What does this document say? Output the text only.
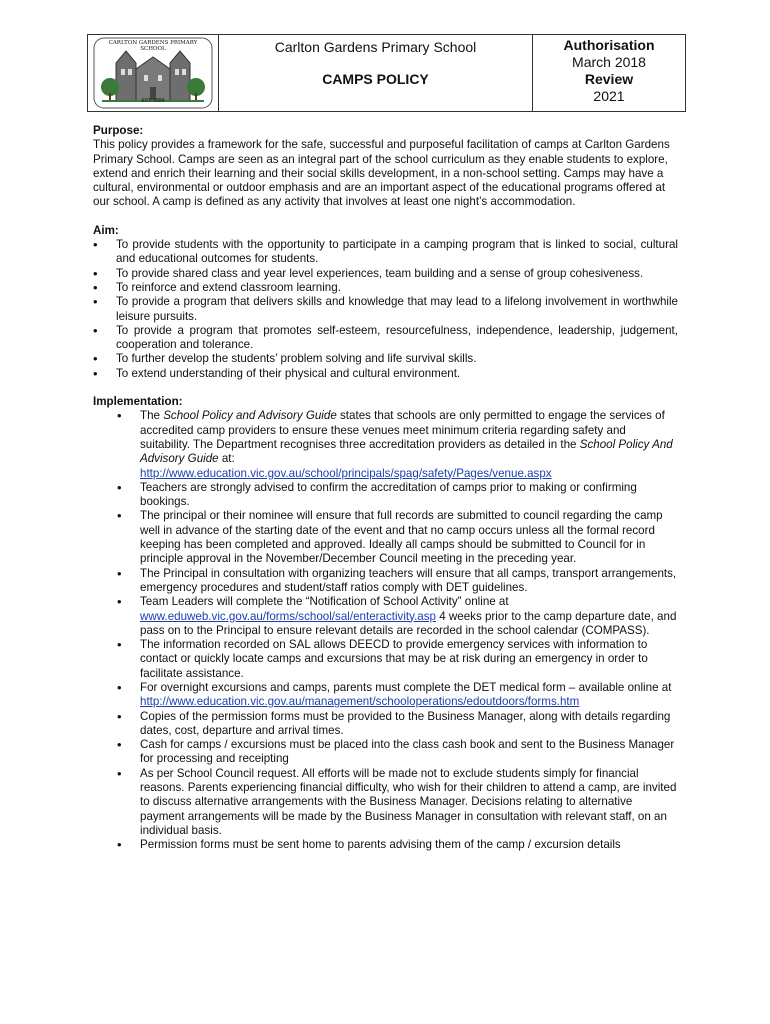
CARLTON GARDENS PRIMARY SCHOOL
EST. 1884
Carlton Gardens Primary School
CAMPS POLICY
Authorisation
March 2018
Review
2021
Purpose:

This policy provides a framework for the safe, successful and purposeful facilitation of camps at Carlton Gardens Primary School. Camps are seen as an integral part of the school curriculum as they enable students to explore, extend and enrich their learning and their social skills development, in a non-school setting. Camps may have a cultural, environmental or outdoor emphasis and are an important aspect of the educational programs offered at our school. A camp is defined as any activity that involves at least one night’s accommodation.

Aim:
• To provide students with the opportunity to participate in a camping program that is linked to social, cultural and educational outcomes for students.
• To provide shared class and year level experiences, team building and a sense of group cohesiveness.
• To reinforce and extend classroom learning.
• To provide a program that delivers skills and knowledge that may lead to a lifelong involvement in worthwhile leisure pursuits.
• To provide a program that promotes self-esteem, resourcefulness, independence, leadership, judgement, cooperation and tolerance.
• To further develop the students’ problem solving and life survival skills.
• To extend understanding of their physical and cultural environment.
Implementation:
• The School Policy and Advisory Guide states that schools are only permitted to engage the services of accredited camp providers to ensure these venues meet minimum criteria regarding safety and suitability. The Department recognises three accreditation providers as detailed in the School Policy And Advisory Guide at:
http://www.education.vic.gov.au/school/principals/spag/safety/Pages/venue.aspx
• Teachers are strongly advised to confirm the accreditation of camps prior to making or confirming bookings.
• The principal or their nominee will ensure that full records are submitted to council regarding the camp well in advance of the starting date of the event and that no camp occurs unless all the formal record keeping has been completed and approved. Ideally all camps should be submitted to Council for in principle approval in the November/December Council meeting in the preceding year.
• The Principal in consultation with organizing teachers will ensure that all camps, transport arrangements, emergency procedures and student/staff ratios comply with DET guidelines.
• Team Leaders will complete the “Notification of School Activity” online at
www.eduweb.vic.gov.au/forms/school/sal/enteractivity.asp 4 weeks prior to the camp departure date, and pass on to the Principal to ensure relevant details are recorded in the school calendar (COMPASS).
• The information recorded on SAL allows DEECD to provide emergency services with information to contact or quickly locate camps and excursions that may be at risk during an emergency in order to facilitate assistance.
• For overnight excursions and camps, parents must complete the DET medical form – available online at
http://www.education.vic.gov.au/management/schooloperations/edoutdoors/forms.htm
• Copies of the permission forms must be provided to the Business Manager, along with details regarding dates, cost, departure and arrival times.
• Cash for camps / excursions must be placed into the class cash book and sent to the Business Manager for processing and receipting
• As per School Council request. All efforts will be made not to exclude students simply for financial reasons. Parents experiencing financial difficulty, who wish for their children to attend a camp, are invited to discuss alternative arrangements with the Business Manager. Decisions relating to alternative payment arrangements will be made by the Business Manager in consultation with relevant staff, on an individual basis.
• Permission forms must be sent home to parents advising them of the camp / excursion details
